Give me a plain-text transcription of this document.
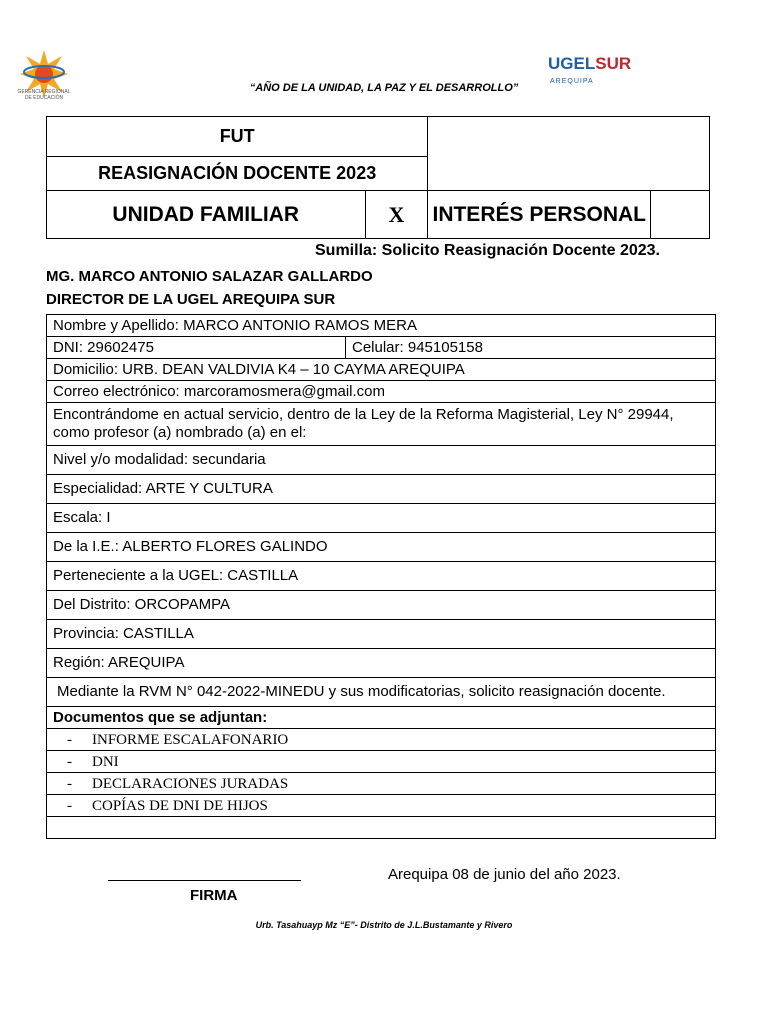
GERENCIA REGIONAL DE EDUCACIÓN
“AÑO DE LA UNIDAD, LA PAZ Y EL DESARROLLO”
UGELSUR
AREQUIPA
FUT			
REASIGNACIÓN DOCENTE 2023			
UNIDAD FAMILIAR	X	INTERÉS PERSONAL	
Sumilla: Solicito Reasignación Docente 2023.
MG. MARCO ANTONIO SALAZAR GALLARDO
DIRECTOR DE LA UGEL AREQUIPA SUR
Nombre y Apellido: MARCO ANTONIO RAMOS MERA
DNI: 29602475	Celular: 945105158
Domicilio: URB. DEAN VALDIVIA K4 – 10 CAYMA AREQUIPA
Correo electrónico: marcoramosmera@gmail.com
Encontrándome en actual servicio, dentro de la Ley de la Reforma Magisterial, Ley N° 29944, como profesor (a) nombrado (a) en el:
Nivel y/o modalidad: secundaria
Especialidad: ARTE Y CULTURA
Escala: I
De la I.E.: ALBERTO FLORES GALINDO
Perteneciente a la UGEL: CASTILLA
Del Distrito: ORCOPAMPA
Provincia: CASTILLA
Región: AREQUIPA
Mediante la RVM N° 042-2022-MINEDU y sus modificatorias, solicito reasignación docente.
Documentos que se adjuntan:
- INFORME ESCALAFONARIO
- DNI
- DECLARACIONES JURADAS
- COPÍAS DE DNI DE HIJOS

FIRMA
Arequipa 08 de junio del año 2023.
Urb. Tasahuayp Mz “E”- Distrito de J.L.Bustamante y Rivero
